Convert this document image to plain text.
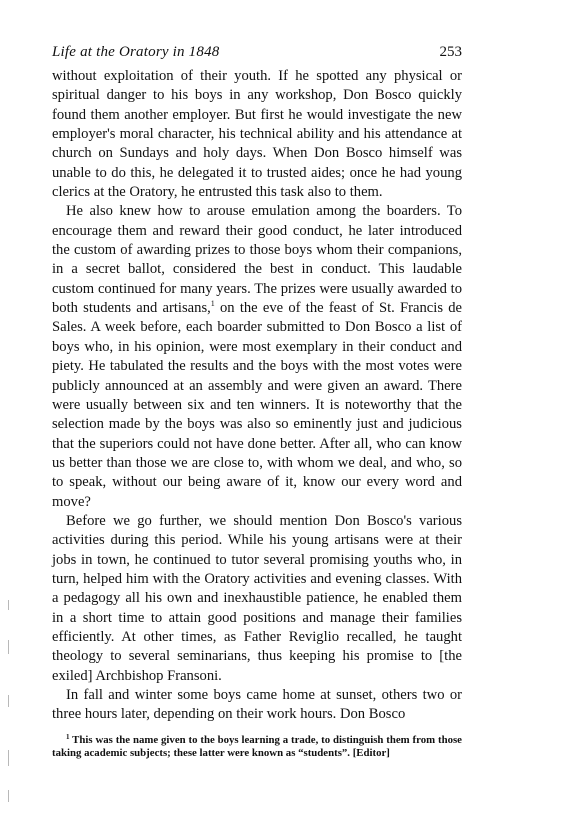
Life at the Oratory in 1848	253

without exploitation of their youth. If he spotted any physical or spiritual danger to his boys in any workshop, Don Bosco quickly found them another employer. But first he would investigate the new employer's moral character, his technical ability and his attendance at church on Sundays and holy days. When Don Bosco himself was unable to do this, he delegated it to trusted aides; once he had young clerics at the Oratory, he entrusted this task also to them.

He also knew how to arouse emulation among the boarders. To encourage them and reward their good conduct, he later introduced the custom of awarding prizes to those boys whom their companions, in a secret ballot, considered the best in conduct. This laudable custom continued for many years. The prizes were usually awarded to both students and artisans,$^1$ on the eve of the feast of St. Francis de Sales. A week before, each boarder submitted to Don Bosco a list of boys who, in his opinion, were most exemplary in their conduct and piety. He tabulated the results and the boys with the most votes were publicly announced at an assembly and were given an award. There were usually between six and ten winners. It is noteworthy that the selection made by the boys was also so eminently just and judicious that the superiors could not have done better. After all, who can know us better than those we are close to, with whom we deal, and who, so to speak, without our being aware of it, know our every word and move?

Before we go further, we should mention Don Bosco's various activities during this period. While his young artisans were at their jobs in town, he continued to tutor several promising youths who, in turn, helped him with the Oratory activities and evening classes. With a pedagogy all his own and inexhaustible patience, he enabled them in a short time to attain good positions and manage their families efficiently. At other times, as Father Reviglio recalled, he taught theology to several seminarians, thus keeping his promise to [the exiled] Archbishop Fransoni.

In fall and winter some boys came home at sunset, others two or three hours later, depending on their work hours. Don Bosco

$^1$ This was the name given to the boys learning a trade, to distinguish them from those taking academic subjects; these latter were known as “students”. [Editor]
